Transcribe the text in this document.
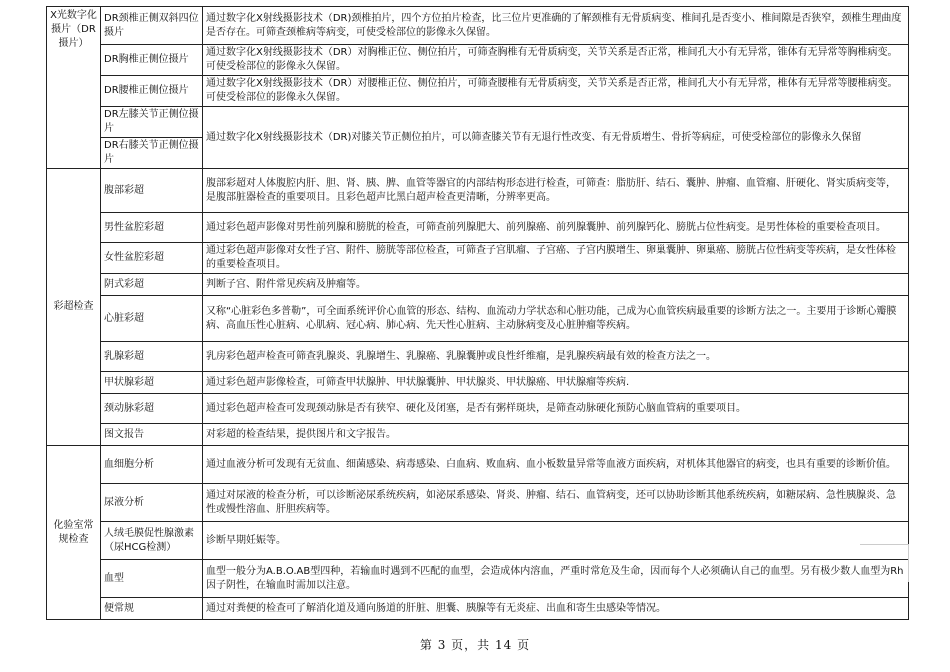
X光数字化摄片（DR摄片）	DR颈椎正侧双斜四位摄片	通过数字化X射线摄影技术（DR)颈椎拍片，四个方位拍片检查，比三位片更准确的了解颈椎有无骨质病变、椎间孔是否变小、椎间隙是否狭窄，颈椎生理曲度是否存在。可筛查颈椎病等病变，可使受检部位的影像永久保留。
	DR胸椎正侧位摄片	通过数字化X射线摄影技术（DR）对胸椎正位、侧位拍片，可筛查胸椎有无骨质病变，关节关系是否正常，椎间孔大小有无异常，锥体有无异常等胸椎病变。可使受检部位的影像永久保留。
	DR腰椎正侧位摄片	通过数字化X射线摄影技术（DR）对腰椎正位、侧位拍片，可筛查腰椎有无骨质病变，关节关系是否正常，椎间孔大小有无异常，椎体有无异常等腰椎病变。可使受检部位的影像永久保留。
	DR左膝关节正侧位摄片	通过数字化X射线摄影技术（DR)对膝关节正侧位拍片，可以筛查膝关节有无退行性改变、有无骨质增生、骨折等病症，可使受检部位的影像永久保留
	DR右膝关节正侧位摄片	
彩超检查	腹部彩超	腹部彩超对人体腹腔内肝、胆、肾、胰、脾、血管等器官的内部结构形态进行检查，可筛查：脂肪肝、结石、囊肿、肿瘤、血管瘤、肝硬化、肾实质病变等，是腹部脏器检查的重要项目。且彩色超声比黑白超声检查更清晰，分辨率更高。
	男性盆腔彩超	通过彩色超声影像对男性前列腺和膀胱的检查，可筛查前列腺肥大、前列腺癌、前列腺囊肿、前列腺钙化、膀胱占位性病变。是男性体检的重要检查项目。
	女性盆腔彩超	通过彩色超声影像对女性子宫、附件、膀胱等部位检查，可筛查子宫肌瘤、子宫癌、子宫内膜增生、卵巢囊肿、卵巢癌、膀胱占位性病变等疾病，是女性体检的重要检查项目。
	阴式彩超	判断子宫、附件常见疾病及肿瘤等。
	心脏彩超	又称“心脏彩色多普勒”，可全面系统评价心血管的形态、结构、血流动力学状态和心脏功能，己成为心血管疾病最重要的诊断方法之一。主要用于诊断心瓣膜病、高血压性心脏病、心肌病、冠心病、肺心病、先天性心脏病、主动脉病变及心脏肿瘤等疾病。
	乳腺彩超	乳房彩色超声检查可筛查乳腺炎、乳腺增生、乳腺癌、乳腺囊肿或良性纤维瘤，是乳腺疾病最有效的检查方法之一。
	甲状腺彩超	通过彩色超声影像检查，可筛查甲状腺肿、甲状腺囊肿、甲状腺炎、甲状腺癌、甲状腺瘤等疾病.
	颈动脉彩超	通过彩色超声检查可发现颈动脉是否有狭窄、硬化及闭塞，是否有粥样斑块，是筛查动脉硬化预防心脑血管病的重要项目。
	图文报告	对彩超的检查结果，提供图片和文字报告。
化验室常规检查	血细胞分析	通过血液分析可发现有无贫血、细菌感染、病毒感染、白血病、败血病、血小板数量异常等血液方面疾病，对机体其他器官的病变，也具有重要的诊断价值。
	尿液分析	通过对尿液的检查分析，可以诊断泌尿系统疾病，如泌尿系感染、肾炎、肿瘤、结石、血管病变，还可以协助诊断其他系统疾病，如糖尿病、急性胰腺炎、急性或慢性溶血、肝胆疾病等。
	人绒毛膜促性腺激素（尿HCG检测）	诊断早期妊娠等。
	血型	血型一般分为A.B.O.AB型四种，若输血时遇到不匹配的血型，会造成体内溶血，严重时常危及生命，因而每个人必须确认自己的血型。另有极少数人血型为Rh因子阴性，在输血时需加以注意。
	便常规	通过对粪便的检查可了解消化道及通向肠道的肝脏、胆囊、胰腺等有无炎症、出血和寄生虫感染等情况。
第 3 页，共 14 页
